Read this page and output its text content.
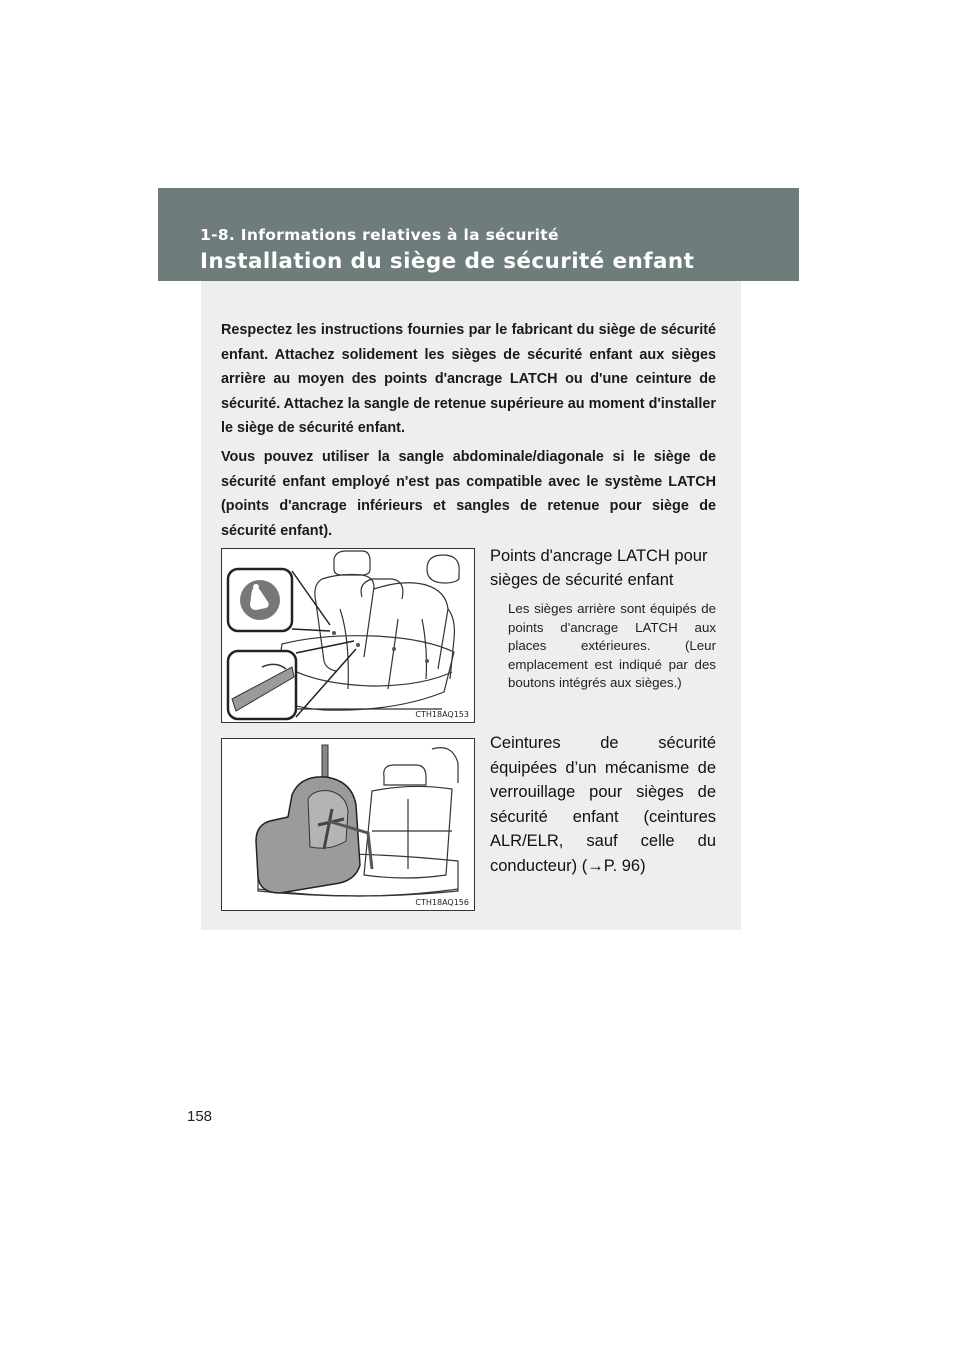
1-8. Informations relatives à la sécurité
Installation du siège de sécurité enfant

Respectez les instructions fournies par le fabricant du siège de sécurité enfant. Attachez solidement les sièges de sécurité enfant aux sièges arrière au moyen des points d'ancrage LATCH ou d'une ceinture de sécurité. Attachez la sangle de retenue supérieure au moment d'installer le siège de sécurité enfant.

Vous pouvez utiliser la sangle abdominale/diagonale si le siège de sécurité enfant employé n'est pas compatible avec le système LATCH (points d'ancrage inférieurs et sangles de retenue pour siège de sécurité enfant).

CTH18AQ153

Points d'ancrage LATCH pour sièges de sécurité enfant

Les sièges arrière sont équipés de points d'ancrage LATCH aux places extérieures. (Leur emplacement est indiqué par des boutons intégrés aux sièges.)

CTH18AQ156

Ceintures de sécurité équipées d’un mécanisme de verrouillage pour sièges de sécurité enfant (ceintures ALR/ELR, sauf celle du conducteur) (→P. 96)

158
